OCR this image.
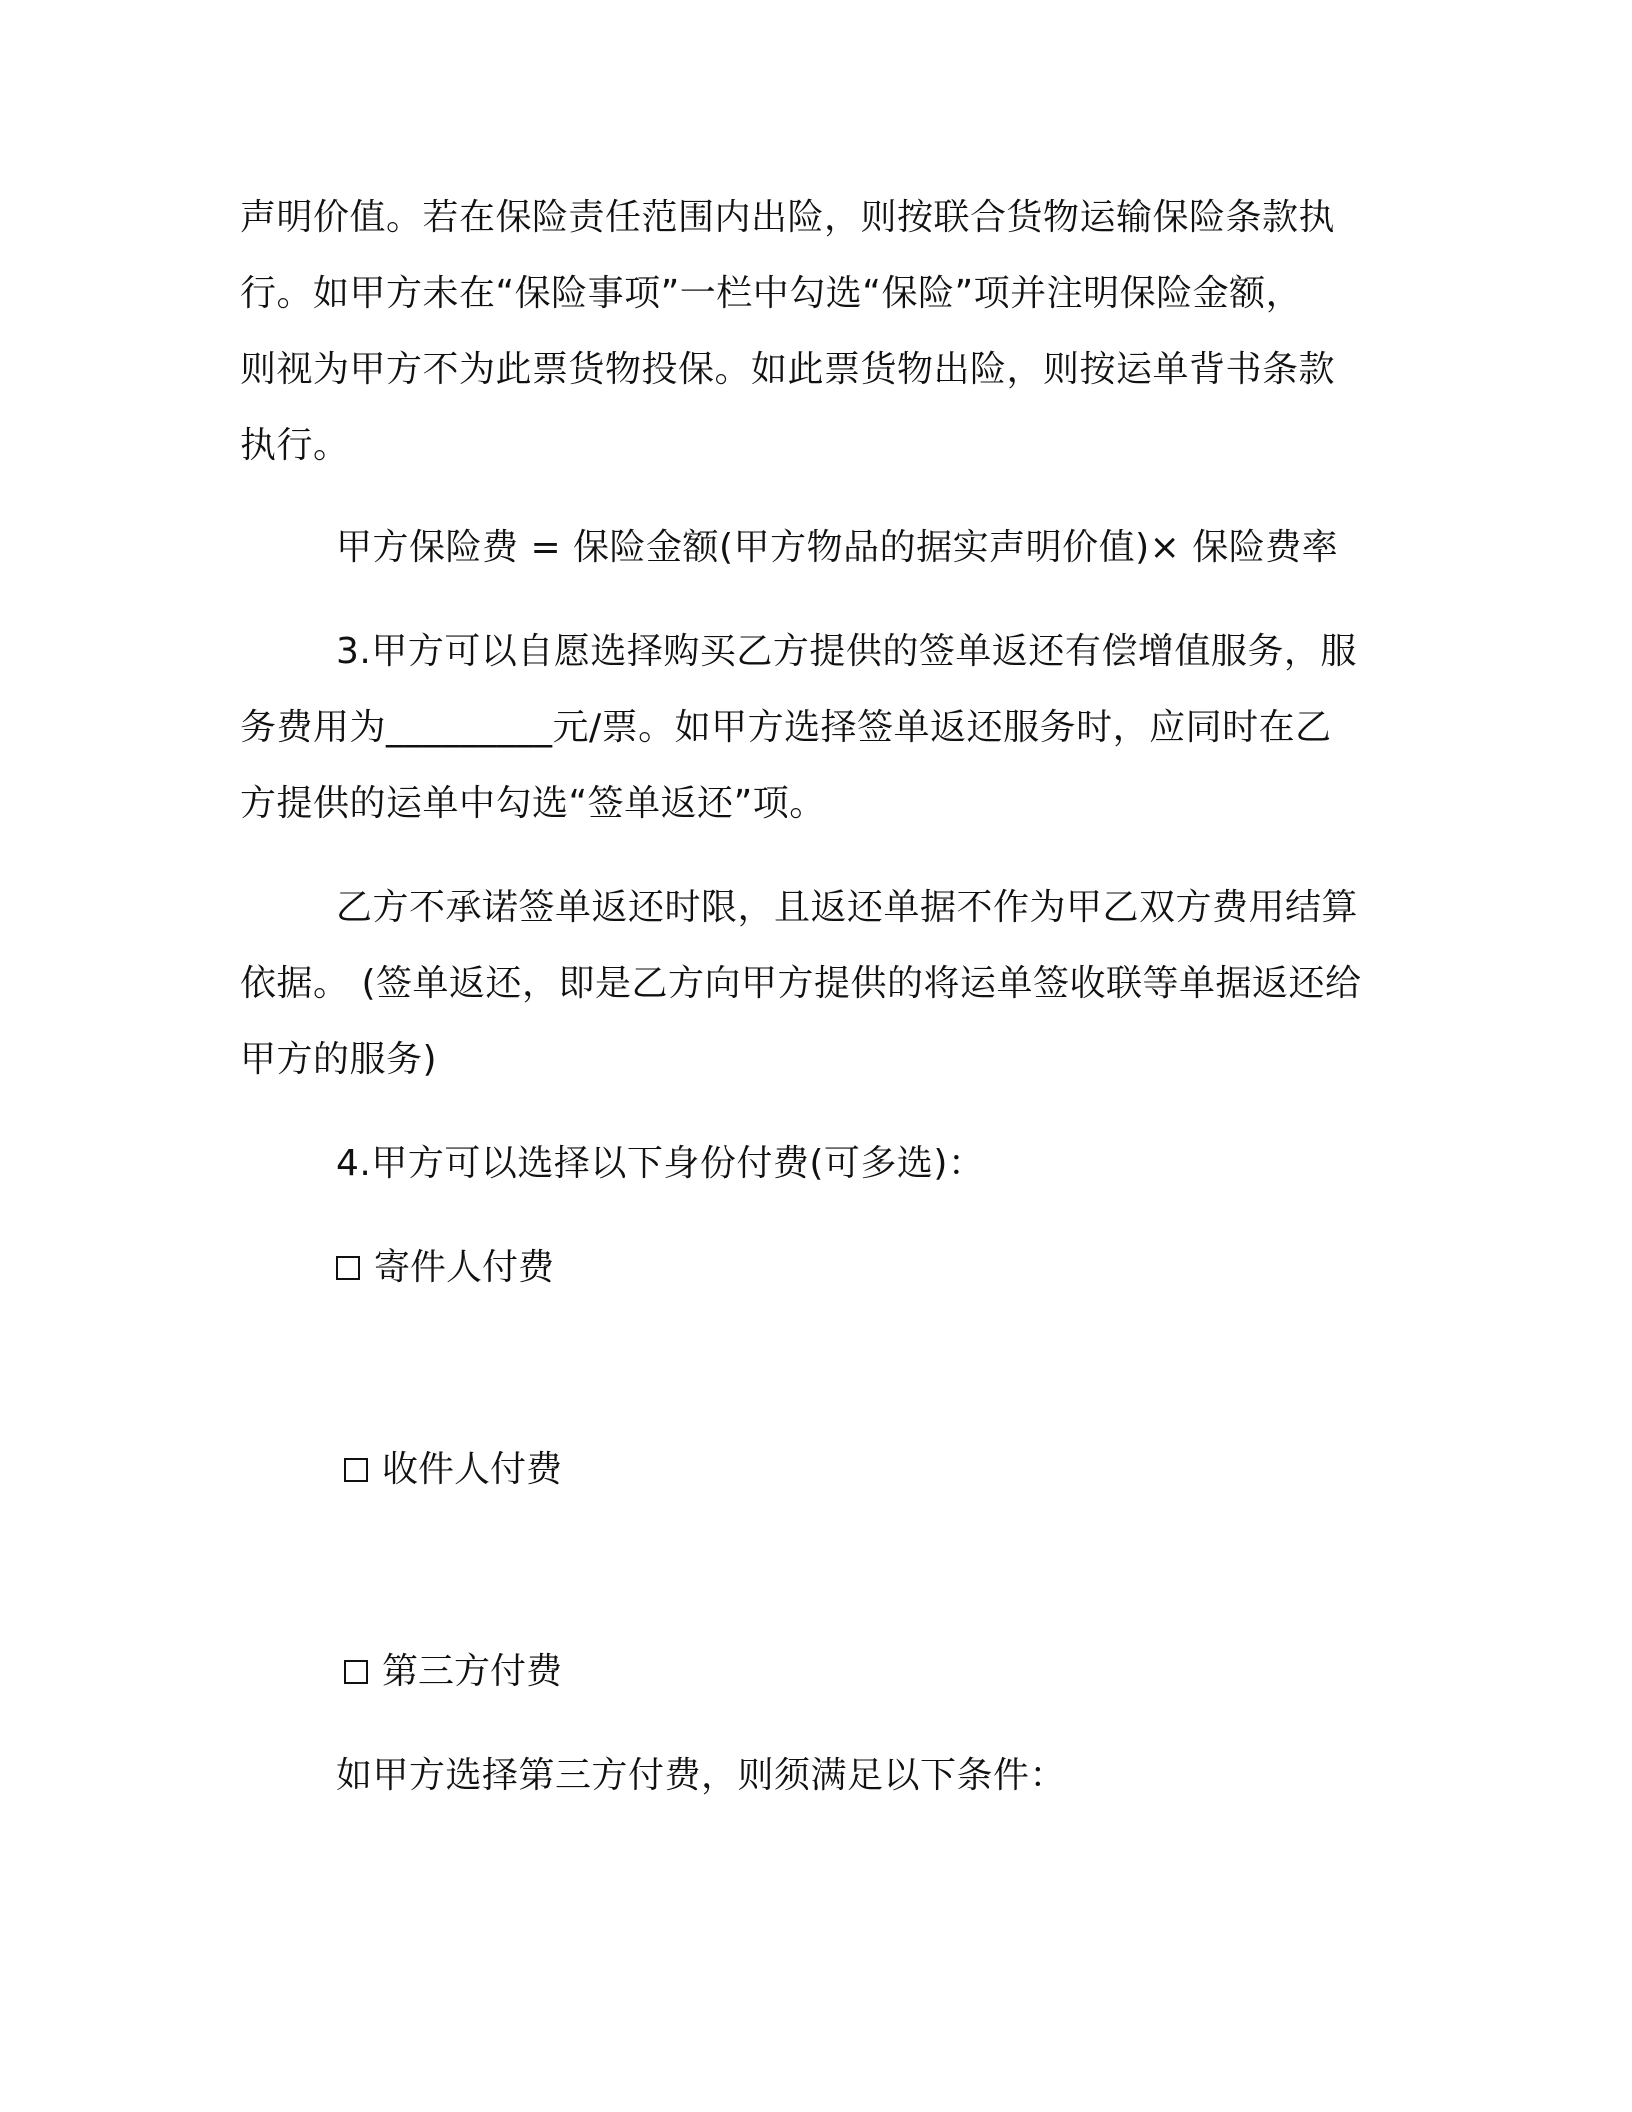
声明价值。若在保险责任范围内出险，则按联合货物运输保险条款执
行。如甲方未在“保险事项”一栏中勾选“保险”项并注明保险金额，
则视为甲方不为此票货物投保。如此票货物出险，则按运单背书条款
执行。
甲方保险费 = 保险金额(甲方物品的据实声明价值)× 保险费率
3.甲方可以自愿选择购买乙方提供的签单返还有偿增值服务，服
务费用为_________元/票。如甲方选择签单返还服务时，应同时在乙
方提供的运单中勾选“签单返还”项。
乙方不承诺签单返还时限，且返还单据不作为甲乙双方费用结算
依据。 (签单返还，即是乙方向甲方提供的将运单签收联等单据返还给
甲方的服务)
4.甲方可以选择以下身份付费(可多选)：
寄件人付费
收件人付费
第三方付费
如甲方选择第三方付费，则须满足以下条件：
